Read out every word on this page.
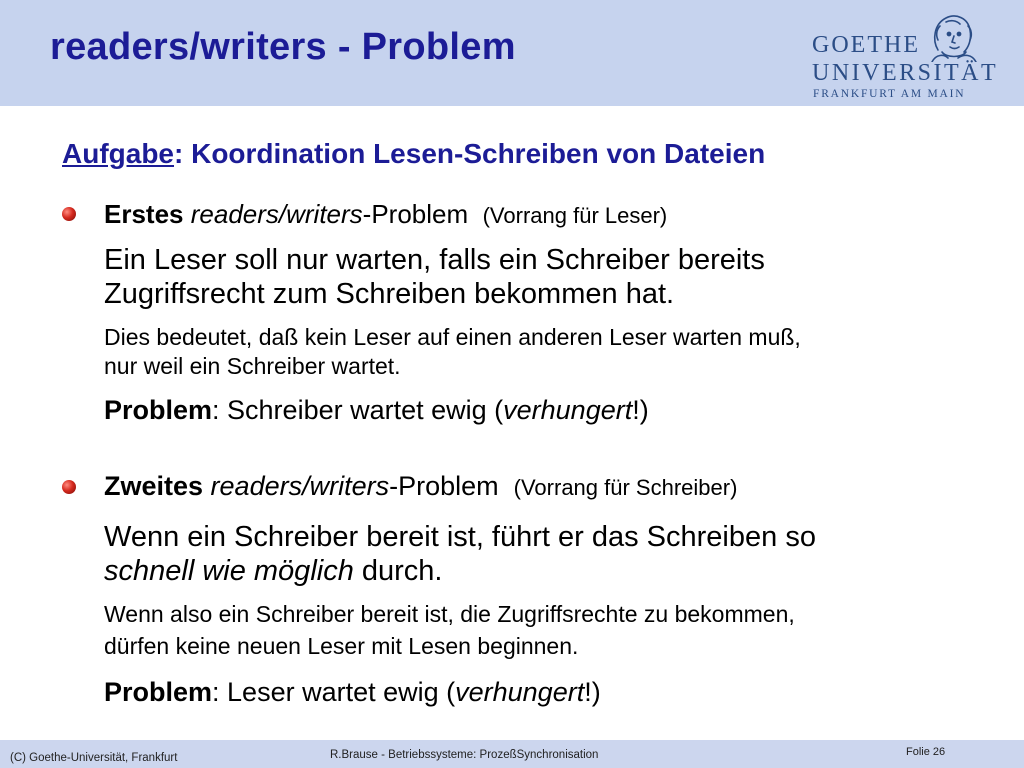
readers/writers - Problem	GOETHE
UNIVERSITÄT
FRANKFURT AM MAIN
Aufgabe: Koordination Lesen-Schreiben von Dateien
Erstes readers/writers-Problem (Vorrang für Leser)
Ein Leser soll nur warten, falls ein Schreiber bereits
Zugriffsrecht zum Schreiben bekommen hat.
Dies bedeutet, daß kein Leser auf einen anderen Leser warten muß,
nur weil ein Schreiber wartet.
Problem: Schreiber wartet ewig (verhungert!)
Zweites readers/writers-Problem (Vorrang für Schreiber)
Wenn ein Schreiber bereit ist, führt er das Schreiben so
schnell wie möglich durch.
Wenn also ein Schreiber bereit ist, die Zugriffsrechte zu bekommen,
dürfen keine neuen Leser mit Lesen beginnen.
Problem: Leser wartet ewig (verhungert!)
(C) Goethe-Universität, Frankfurt	R.Brause - Betriebssysteme: ProzeßSynchronisation	Folie 26
